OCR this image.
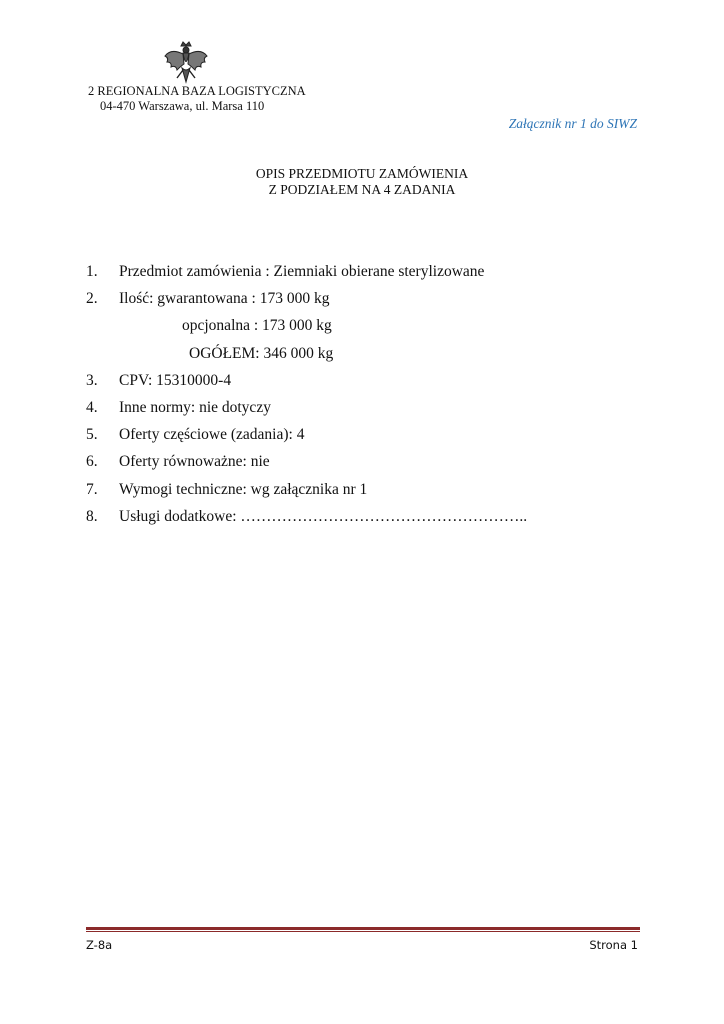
2 REGIONALNA BAZA LOGISTYCZNA
04-470 Warszawa, ul. Marsa 110
Załącznik nr 1 do SIWZ
OPIS PRZEDMIOTU ZAMÓWIENIA
Z PODZIAŁEM NA 4 ZADANIA
1. Przedmiot zamówienia : Ziemniaki obierane sterylizowane
2. Ilość: gwarantowana : 173 000 kg
opcjonalna : 173 000 kg
OGÓŁEM: 346 000 kg
3. CPV: 15310000-4
4. Inne normy: nie dotyczy
5. Oferty częściowe (zadania): 4
6. Oferty równoważne: nie
7. Wymogi techniczne: wg załącznika nr 1
8. Usługi dodatkowe: ………………………………………………..
Z-8a	Strona 1
